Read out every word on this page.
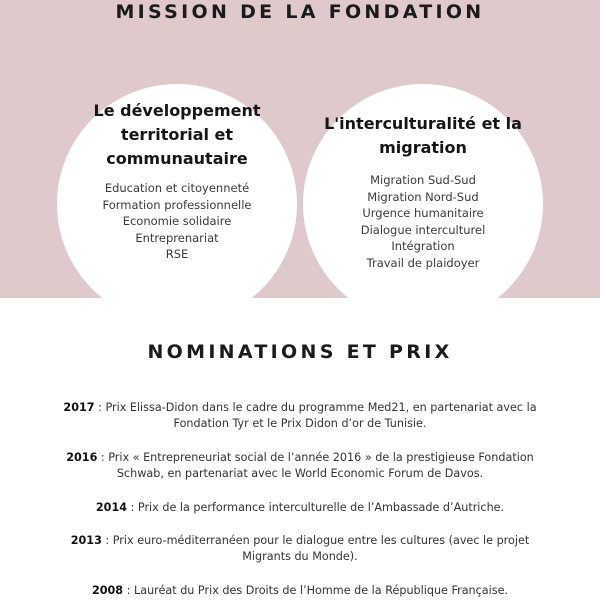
MISSION DE LA FONDATION
Le développement territorial et communautaire
Education et citoyenneté
Formation professionnelle
Economie solidaire
Entreprenariat
RSE
L'interculturalité et la migration
Migration Sud-Sud
Migration Nord-Sud
Urgence humanitaire
Dialogue interculturel
Intégration
Travail de plaidoyer
NOMINATIONS ET PRIX
2017 : Prix Elissa-Didon dans le cadre du programme Med21, en partenariat avec la Fondation Tyr et le Prix Didon d’or de Tunisie.
2016 : Prix « Entrepreneuriat social de l’année 2016 » de la prestigieuse Fondation Schwab, en partenariat avec le World Economic Forum de Davos.
2014 : Prix de la performance interculturelle de l’Ambassade d’Autriche.
2013 : Prix euro-méditerranéen pour le dialogue entre les cultures (avec le projet Migrants du Monde).
2008 : Lauréat du Prix des Droits de l’Homme de la République Française.
